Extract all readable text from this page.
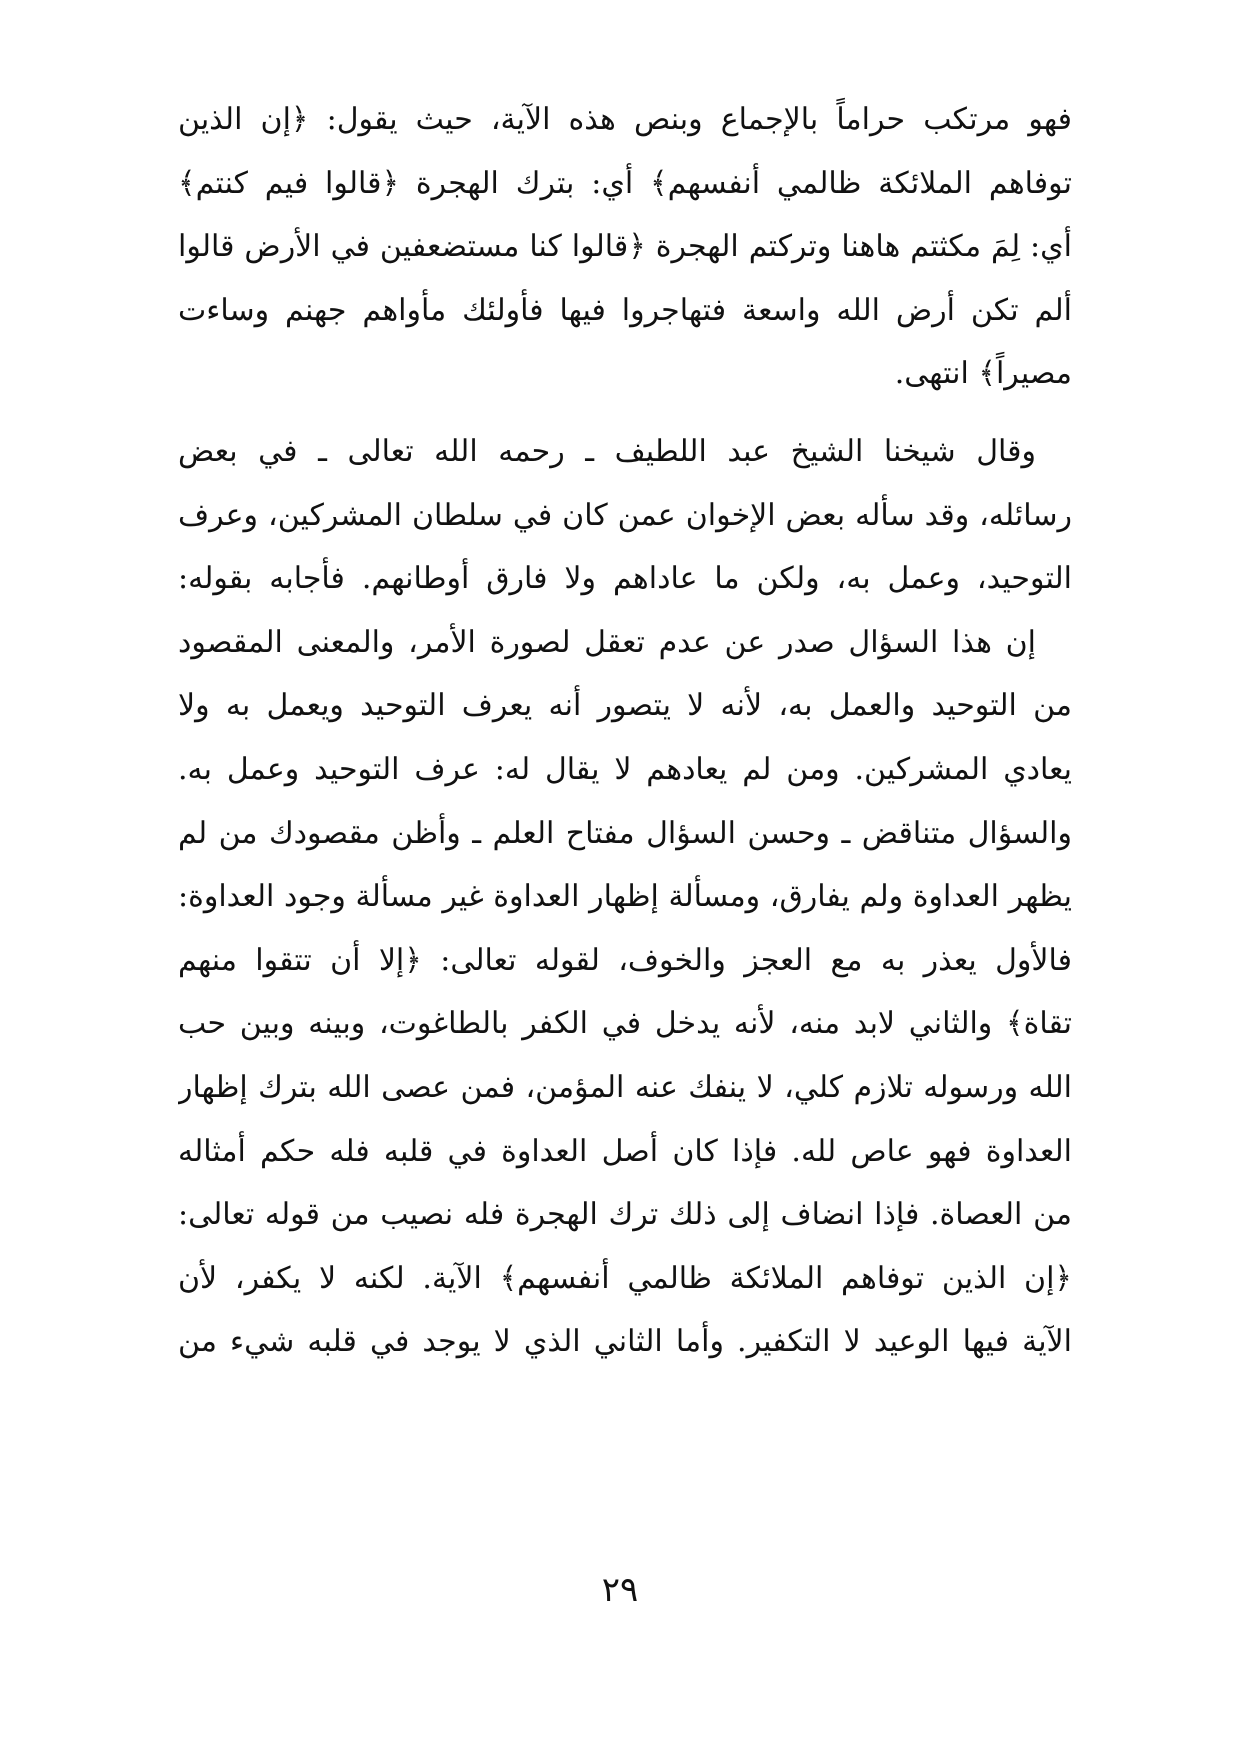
فهو مرتكب حراماً بالإجماع وبنص هذه الآية، حيث يقول: ﴿إن الذين
توفاهم الملائكة ظالمي أنفسهم﴾ أي: بترك الهجرة ﴿قالوا فيم كنتم﴾
أي: لِمَ مكثتم هاهنا وتركتم الهجرة ﴿قالوا كنا مستضعفين في الأرض قالوا
ألم تكن أرض الله واسعة فتهاجروا فيها فأولئك مأواهم جهنم وساءت
مصيراً﴾ انتهى.
وقال شيخنا الشيخ عبد اللطيف ـ رحمه الله تعالى ـ في بعض
رسائله، وقد سأله بعض الإخوان عمن كان في سلطان المشركين، وعرف
التوحيد، وعمل به، ولكن ما عاداهم ولا فارق أوطانهم. فأجابه بقوله:
إن هذا السؤال صدر عن عدم تعقل لصورة الأمر، والمعنى المقصود
من التوحيد والعمل به، لأنه لا يتصور أنه يعرف التوحيد ويعمل به ولا
يعادي المشركين. ومن لم يعادهم لا يقال له: عرف التوحيد وعمل به.
والسؤال متناقض ـ وحسن السؤال مفتاح العلم ـ وأظن مقصودك من لم
يظهر العداوة ولم يفارق، ومسألة إظهار العداوة غير مسألة وجود العداوة:
فالأول يعذر به مع العجز والخوف، لقوله تعالى: ﴿إلا أن تتقوا منهم
تقاة﴾ والثاني لابد منه، لأنه يدخل في الكفر بالطاغوت، وبينه وبين حب
الله ورسوله تلازم كلي، لا ينفك عنه المؤمن، فمن عصى الله بترك إظهار
العداوة فهو عاص لله. فإذا كان أصل العداوة في قلبه فله حكم أمثاله
من العصاة. فإذا انضاف إلى ذلك ترك الهجرة فله نصيب من قوله تعالى:
﴿إن الذين توفاهم الملائكة ظالمي أنفسهم﴾ الآية. لكنه لا يكفر، لأن
الآية فيها الوعيد لا التكفير. وأما الثاني الذي لا يوجد في قلبه شيء من
٢٩
